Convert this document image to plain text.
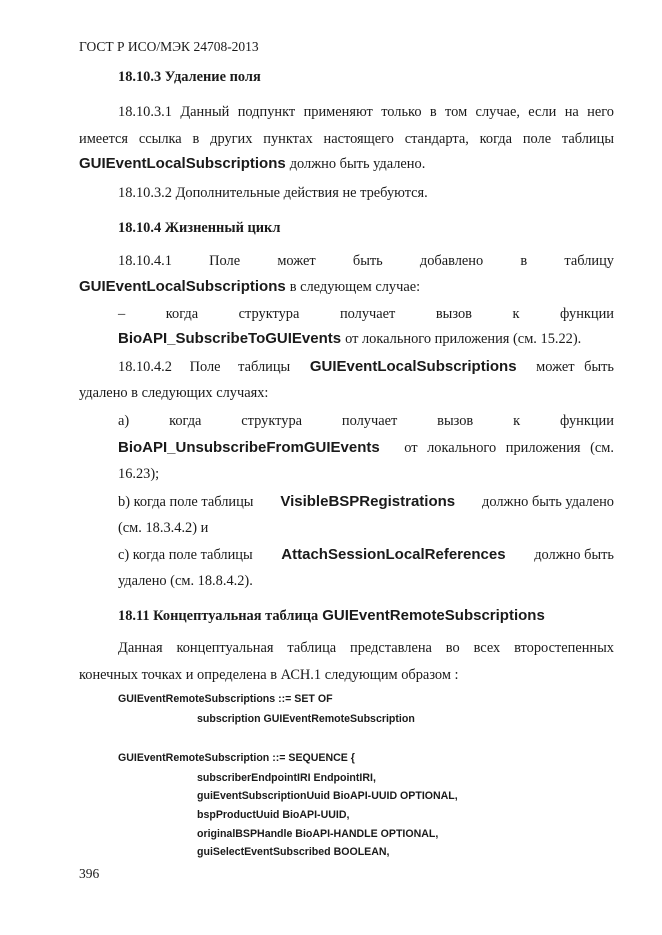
ГОСТ Р ИСО/МЭК 24708-2013
18.10.3 Удаление поля
18.10.3.1 Данный подпункт применяют только в том случае, если на него
имеется ссылка в других пунктах настоящего стандарта, когда поле таблицы
GUIEventLocalSubscriptions должно быть удалено.
18.10.3.2 Дополнительные действия не требуются.
18.10.4 Жизненный цикл
18.10.4.1	Поле	может	быть	добавлено	в	таблицу
GUIEventLocalSubscriptions в следующем случае:
–	когда	структура	получает	вызов	к	функции
BioAPI_SubscribeToGUIEvents от локального приложения (см. 15.22).
18.10.4.2 Поле таблицы GUIEventLocalSubscriptions может быть
удалено в следующих случаях:
a)	когда	структура	получает	вызов	к	функции
BioAPI_UnsubscribeFromGUIEvents от локального приложения (см.
16.23);
b) когда поле таблицы VisibleBSPRegistrations должно быть удалено
(см. 18.3.4.2) и
c) когда поле таблицы AttachSessionLocalReferences должно быть
удалено (см. 18.8.4.2).
18.11 Концептуальная таблица GUIEventRemoteSubscriptions
Данная концептуальная таблица представлена во всех второстепенных
конечных точках и определена в АСН.1 следующим образом :
GUIEventRemoteSubscriptions ::= SET OF
subscription GUIEventRemoteSubscription
GUIEventRemoteSubscription ::= SEQUENCE {
subscriberEndpointIRI EndpointIRI,
guiEventSubscriptionUuid BioAPI-UUID OPTIONAL,
bspProductUuid BioAPI-UUID,
originalBSPHandle BioAPI-HANDLE OPTIONAL,
guiSelectEventSubscribed BOOLEAN,
396
